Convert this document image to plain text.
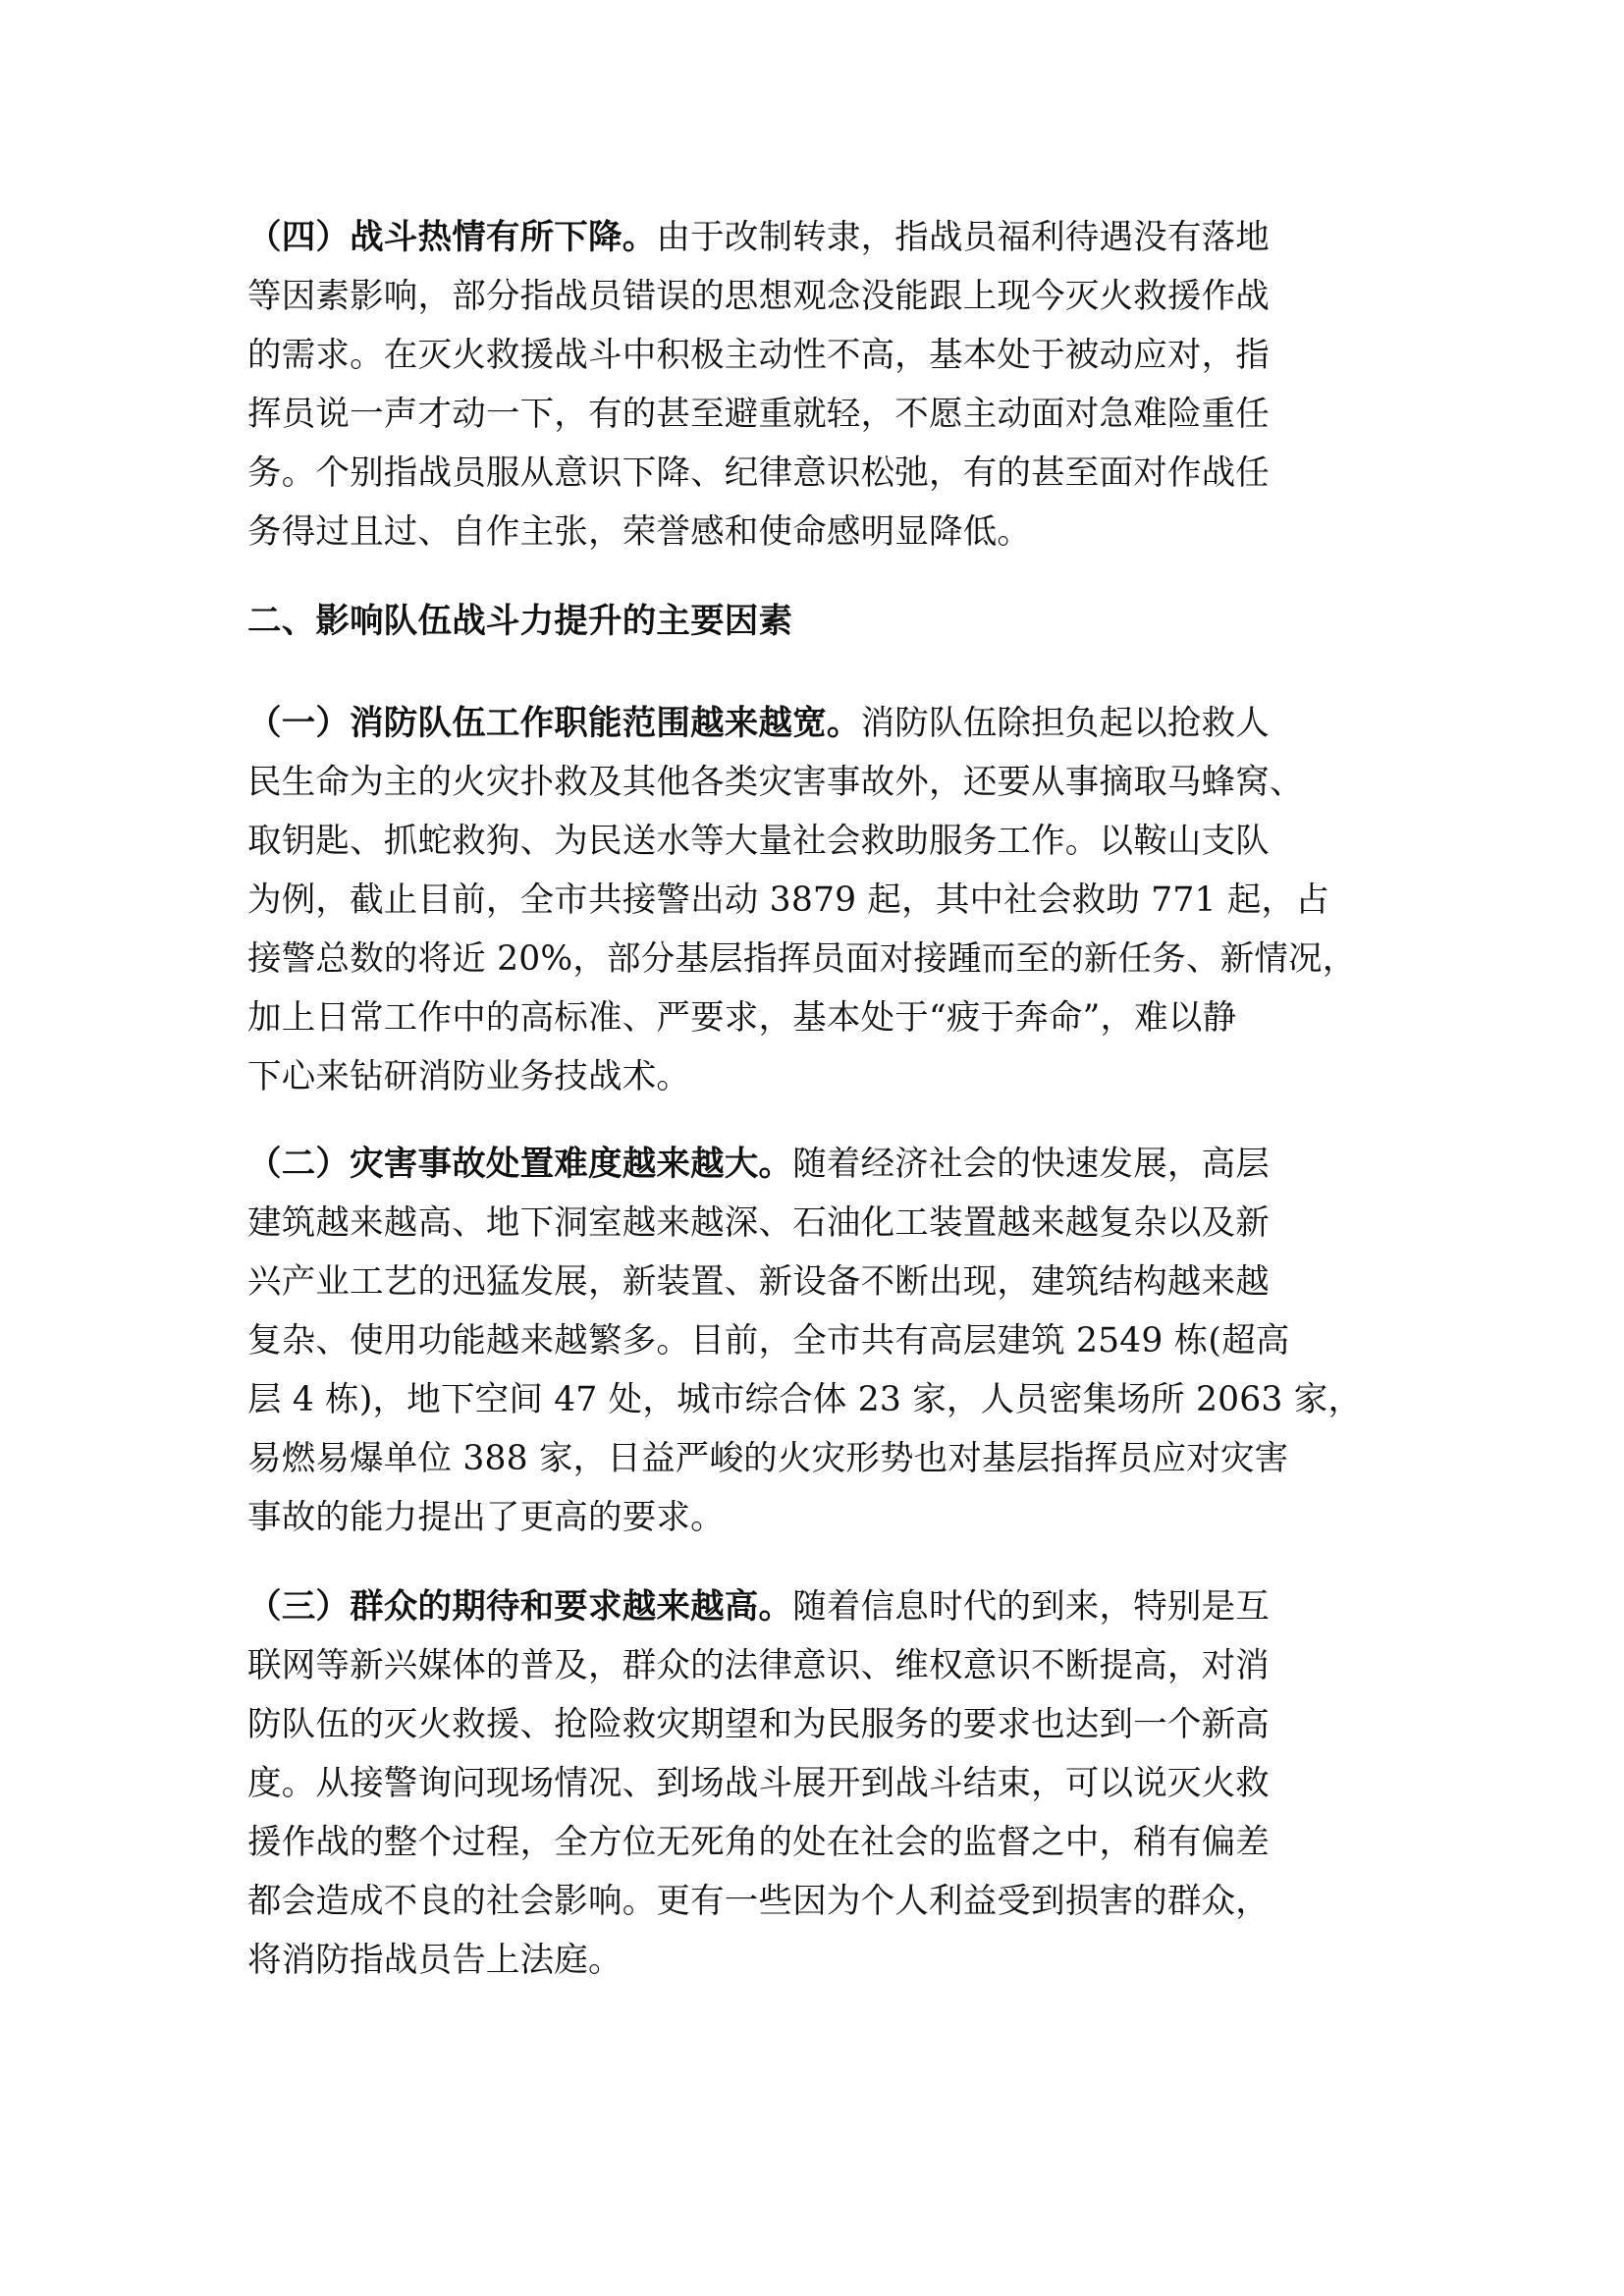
（四）战斗热情有所下降。由于改制转隶，指战员福利待遇没有落地
等因素影响，部分指战员错误的思想观念没能跟上现今灭火救援作战
的需求。在灭火救援战斗中积极主动性不高，基本处于被动应对，指
挥员说一声才动一下，有的甚至避重就轻，不愿主动面对急难险重任
务。个别指战员服从意识下降、纪律意识松弛，有的甚至面对作战任
务得过且过、自作主张，荣誉感和使命感明显降低。
二、影响队伍战斗力提升的主要因素
（一）消防队伍工作职能范围越来越宽。消防队伍除担负起以抢救人
民生命为主的火灾扑救及其他各类灾害事故外，还要从事摘取马蜂窝、
取钥匙、抓蛇救狗、为民送水等大量社会救助服务工作。以鞍山支队
为例，截止目前，全市共接警出动 3879 起，其中社会救助 771 起，占
接警总数的将近 20%，部分基层指挥员面对接踵而至的新任务、新情况，
加上日常工作中的高标准、严要求，基本处于“疲于奔命”，难以静
下心来钻研消防业务技战术。
（二）灾害事故处置难度越来越大。随着经济社会的快速发展，高层
建筑越来越高、地下洞室越来越深、石油化工装置越来越复杂以及新
兴产业工艺的迅猛发展，新装置、新设备不断出现，建筑结构越来越
复杂、使用功能越来越繁多。目前，全市共有高层建筑 2549 栋(超高
层 4 栋)，地下空间 47 处，城市综合体 23 家，人员密集场所 2063 家，
易燃易爆单位 388 家，日益严峻的火灾形势也对基层指挥员应对灾害
事故的能力提出了更高的要求。
（三）群众的期待和要求越来越高。随着信息时代的到来，特别是互
联网等新兴媒体的普及，群众的法律意识、维权意识不断提高，对消
防队伍的灭火救援、抢险救灾期望和为民服务的要求也达到一个新高
度。从接警询问现场情况、到场战斗展开到战斗结束，可以说灭火救
援作战的整个过程，全方位无死角的处在社会的监督之中，稍有偏差
都会造成不良的社会影响。更有一些因为个人利益受到损害的群众，
将消防指战员告上法庭。
